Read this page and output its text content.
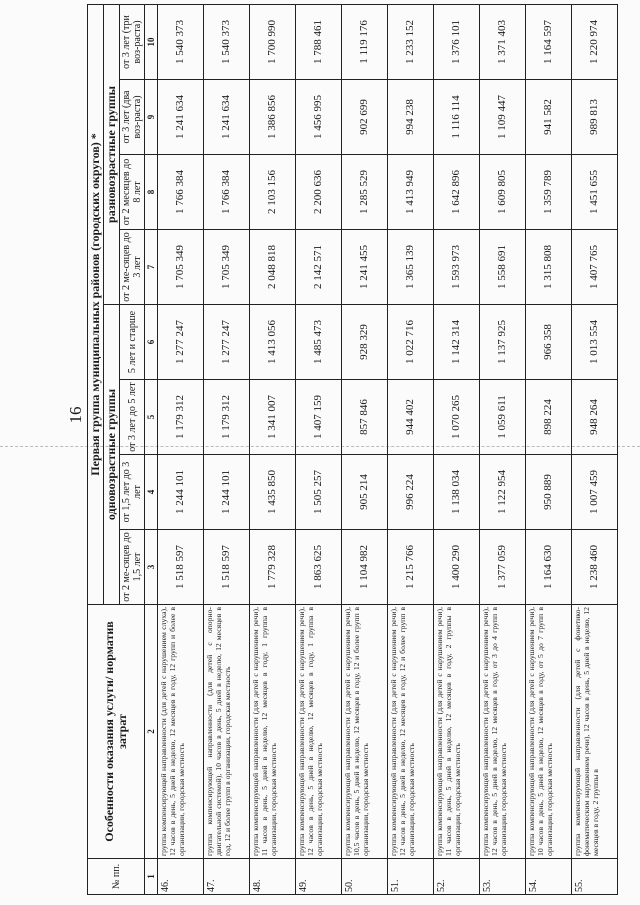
16
№ пп.	Особенности оказания услуги/ норматив затрат	Первая группа муниципальных районов (городских округов) *							
		одновозрастные группы				разновозрастные группы			
		от 2 ме-сяцев до 1,5 лет	от 1,5 лет до 3 лет	от 3 лет до 5 лет	5 лет и старше	от 2 ме-сяцев до 3 лет	от 2 месяцев до 8 лет	от 3 лет (два воз-раста)	от 3 лет (три воз-раста)
1	2	3	4	5	6	7	8	9	10
46.	группа компенсирующей направленности (для детей с нарушением слуха), 12 часов в день, 5 дней в неделю, 12 месяцев в году, 12 групп и более в организации, городская местность	1 518 597	1 244 101	1 179 312	1 277 247	1 705 349	1 766 384	1 241 634	1 540 373
47.	группа компенсирующей направленности (для детей с опорно-двигательной системой), 10 часов в день, 5 дней в неделю, 12 месяцев в год, 12 и более групп в организации, городская местность	1 518 597	1 244 101	1 179 312	1 277 247	1 705 349	1 766 384	1 241 634	1 540 373
48.	группа компенсирующей направленности (для детей с нарушением речи), 11 часов в день, 5 дней в неделю, 12 месяцев в году, 1 группа в организации, городская местность	1 779 328	1 435 850	1 341 007	1 413 056	2 048 818	2 103 156	1 386 856	1 700 990
49.	группа компенсирующей направленности (для детей с нарушением речи), 12 часов в день, 5 дней в неделю, 12 месяцев в году, 1 группа в организации, городская местность	1 863 625	1 505 257	1 407 159	1 485 473	2 142 571	2 200 636	1 456 995	1 788 461
50.	группа компенсирующей направленности (для детей с нарушением речи), 10,5 часов в день, 5 дней в неделю, 12 месяцев в году, 12 и более групп в организации, городская местность	1 104 982	905 214	857 846	928 329	1 241 455	1 285 529	902 699	1 119 176
51.	группа компенсирующей направленности (для детей с нарушением речи), 12 часов в день, 5 дней в неделю, 12 месяцев в году, 12 и более групп в организации, городская местность	1 215 766	996 224	944 402	1 022 716	1 365 139	1 413 949	994 238	1 233 152
52.	группа компенсирующей направленности (для детей с нарушением речи), 11 часов в день, 5 дней в неделю, 12 месяцев в году, 2 группы в организации, городская местность	1 400 290	1 138 034	1 070 265	1 142 314	1 593 973	1 642 896	1 116 114	1 376 101
53.	группа компенсирующей направленности (для детей с нарушением речи), 12 часов в день, 5 дней в неделю, 12 месяцев в году, от 3 до 4 групп в организации, городская местность	1 377 059	1 122 954	1 059 611	1 137 925	1 558 691	1 609 805	1 109 447	1 371 403
54.	группа компенсирующей направленности (для детей с нарушением речи), 10 часов в день, 5 дней в неделю, 12 месяцев в году, от 5 до 7 групп в организации, городская местность	1 164 630	950 889	898 224	966 358	1 315 808	1 359 789	941 582	1 164 597
55.	группа компенсирующей направленности (для детей с фонетико-фонематическим нарушением речи), 12 часов в день, 5 дней в неделю, 12 месяцев в году, 2 группы в	1 238 460	1 007 459	948 264	1 013 554	1 407 765	1 451 655	989 813	1 220 974
